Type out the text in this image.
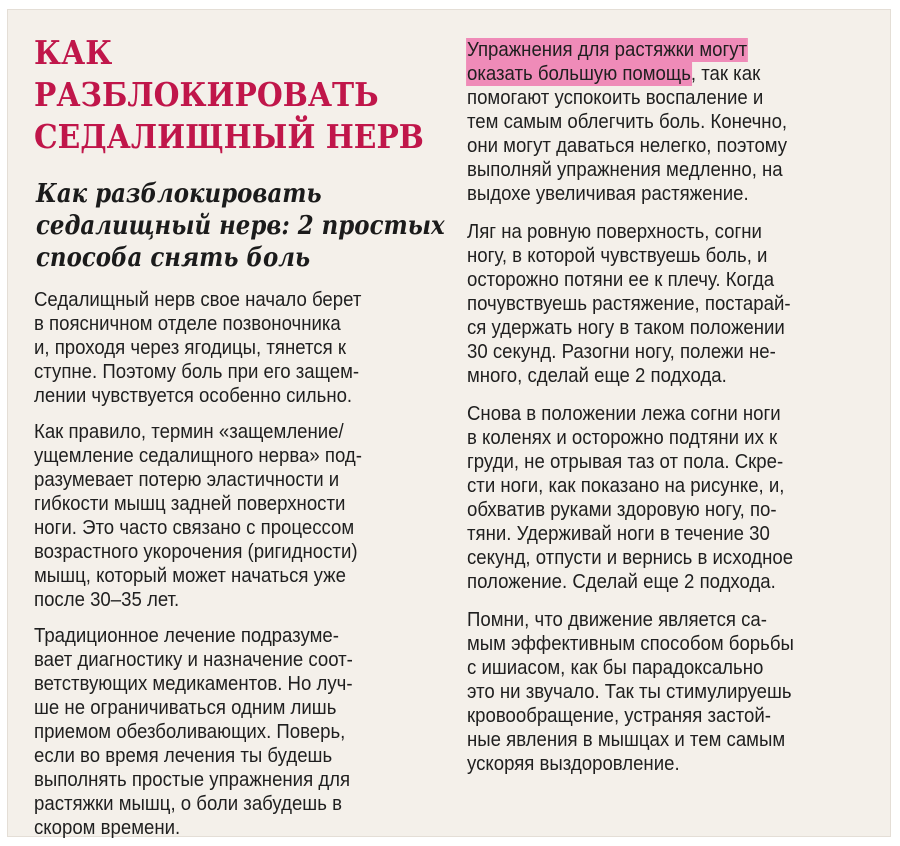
КАК РАЗБЛОКИРОВАТЬ
СЕДАЛИЩНЫЙ НЕРВ
Как разблокировать
седалищный нерв: 2 простых
способа снять боль

Седалищный нерв свое начало берет
в поясничном отделе позвоночника
и, проходя через ягодицы, тянется к
ступне. Поэтому боль при его защем-
лении чувствуется особенно сильно.

Как правило, термин «защемление/
ущемление седалищного нерва» под-
разумевает потерю эластичности и
гибкости мышц задней поверхности
ноги. Это часто связано с процессом
возрастного укорочения (ригидности)
мышц, который может начаться уже
после 30–35 лет.

Традиционное лечение подразуме-
вает диагностику и назначение соот-
ветствующих медикаментов. Но луч-
ше не ограничиваться одним лишь
приемом обезболивающих. Поверь,
если во время лечения ты будешь
выполнять простые упражнения для
растяжки мышц, о боли забудешь в
скором времени.

Упражнения для растяжки могут
оказать большую помощь, так как
помогают успокоить воспаление и
тем самым облегчить боль. Конечно,
они могут даваться нелегко, поэтому
выполняй упражнения медленно, на
выдохе увеличивая растяжение.

Ляг на ровную поверхность, согни
ногу, в которой чувствуешь боль, и
осторожно потяни ее к плечу. Когда
почувствуешь растяжение, постарай-
ся удержать ногу в таком положении
30 секунд. Разогни ногу, полежи не-
много, сделай еще 2 подхода.

Снова в положении лежа согни ноги
в коленях и осторожно подтяни их к
груди, не отрывая таз от пола. Скре-
сти ноги, как показано на рисунке, и,
обхватив руками здоровую ногу, по-
тяни. Удерживай ноги в течение 30
секунд, отпусти и вернись в исходное
положение. Сделай еще 2 подхода.

Помни, что движение является са-
мым эффективным способом борьбы
с ишиасом, как бы парадоксально
это ни звучало. Так ты стимулируешь
кровообращение, устраняя застой-
ные явления в мышцах и тем самым
ускоряя выздоровление.
